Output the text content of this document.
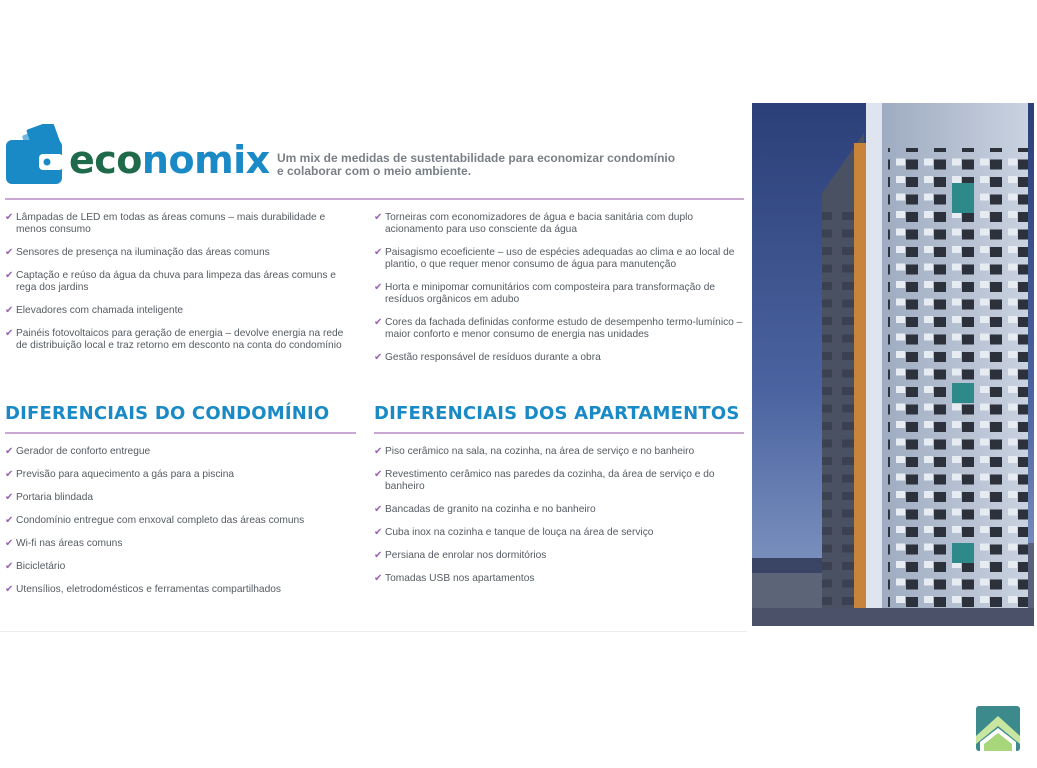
economix Um mix de medidas de sustentabilidade para economizar condomínio e colaborar com o meio ambiente.
✔ Lâmpadas de LED em todas as áreas comuns – mais durabilidade e menos consumo
✔ Sensores de presença na iluminação das áreas comuns
✔ Captação e reúso da água da chuva para limpeza das áreas comuns e rega dos jardins
✔ Elevadores com chamada inteligente
✔ Painéis fotovoltaicos para geração de energia – devolve energia na rede de distribuição local e traz retorno em desconto na conta do condomínio
✔ Torneiras com economizadores de água e bacia sanitária com duplo acionamento para uso consciente da água
✔ Paisagismo ecoeficiente – uso de espécies adequadas ao clima e ao local de plantio, o que requer menor consumo de água para manutenção
✔ Horta e minipomar comunitários com composteira para transformação de resíduos orgânicos em adubo
✔ Cores da fachada definidas conforme estudo de desempenho termo-lumínico – maior conforto e menor consumo de energia nas unidades
✔ Gestão responsável de resíduos durante a obra
DIFERENCIAIS DO CONDOMÍNIO
✔ Gerador de conforto entregue
✔ Previsão para aquecimento a gás para a piscina
✔ Portaria blindada
✔ Condomínio entregue com enxoval completo das áreas comuns
✔ Wi-fi nas áreas comuns
✔ Bicicletário
✔ Utensílios, eletrodomésticos e ferramentas compartilhados
DIFERENCIAIS DOS APARTAMENTOS
✔ Piso cerâmico na sala, na cozinha, na área de serviço e no banheiro
✔ Revestimento cerâmico nas paredes da cozinha, da área de serviço e do banheiro
✔ Bancadas de granito na cozinha e no banheiro
✔ Cuba inox na cozinha e tanque de louça na área de serviço
✔ Persiana de enrolar nos dormitórios
✔ Tomadas USB nos apartamentos
